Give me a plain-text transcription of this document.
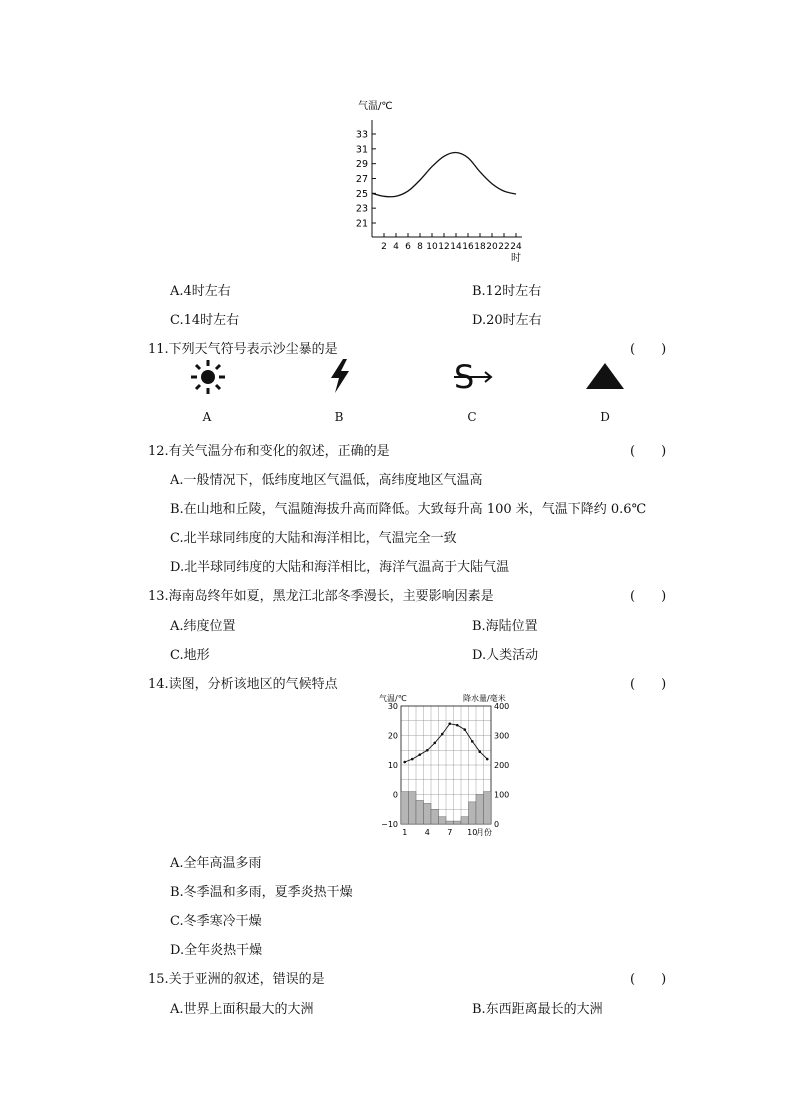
气温/℃
33
31
29
27
25
23
21
2 4 6 8 10 12 14 16 18 20 22 24
时
A.4时左右	B.12时左右
C.14时左右	D.20时左右
11.下列天气符号表示沙尘暴的是	(　　)
S
A	B	C	D
12.有关气温分布和变化的叙述，正确的是	(　　)
A.一般情况下，低纬度地区气温低，高纬度地区气温高
B.在山地和丘陵，气温随海拔升高而降低。大致每升高 100 米，气温下降约 0.6℃
C.北半球同纬度的大陆和海洋相比，气温完全一致
D.北半球同纬度的大陆和海洋相比，海洋气温高于大陆气温
13.海南岛终年如夏，黑龙江北部冬季漫长，主要影响因素是	(　　)
A.纬度位置	B.海陆位置
C.地形	D.人类活动
14.读图，分析该地区的气候特点	(　　)
气温/℃	降水量/毫米
30
20
10
0
−10
400
300
200
100
0
1 4 7 10
月份
A.全年高温多雨
B.冬季温和多雨，夏季炎热干燥
C.冬季寒冷干燥
D.全年炎热干燥
15.关于亚洲的叙述，错误的是	(　　)
A.世界上面积最大的大洲	B.东西距离最长的大洲
